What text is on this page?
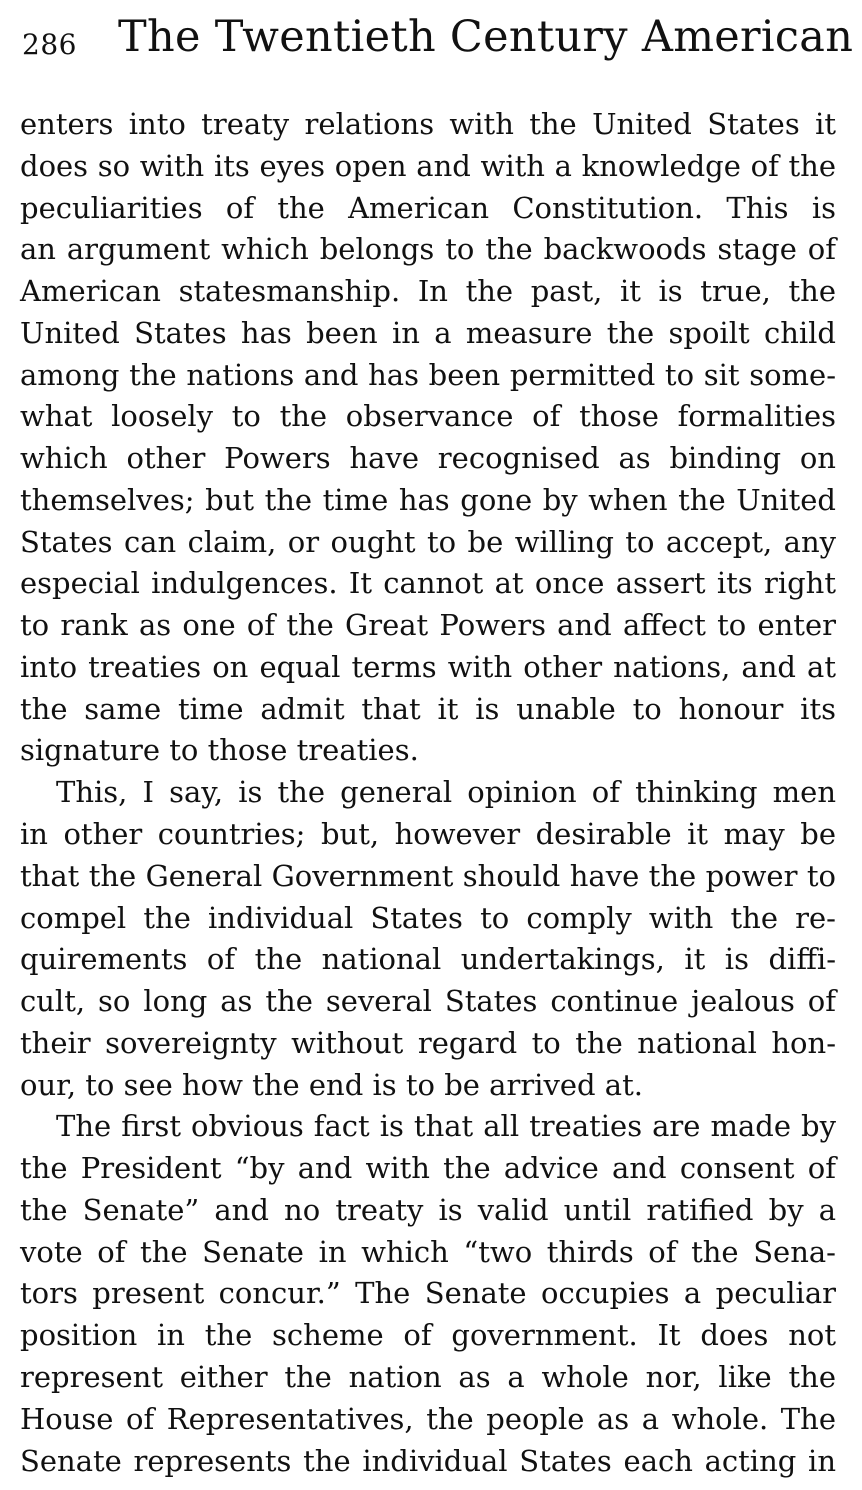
286 The Twentieth Century American
enters into treaty relations with the United States it
does so with its eyes open and with a knowledge of the
peculiarities of the American Constitution. This is
an argument which belongs to the backwoods stage of
American statesmanship. In the past, it is true, the
United States has been in a measure the spoilt child
among the nations and has been permitted to sit some-
what loosely to the observance of those formalities
which other Powers have recognised as binding on
themselves; but the time has gone by when the United
States can claim, or ought to be willing to accept, any
especial indulgences. It cannot at once assert its right
to rank as one of the Great Powers and affect to enter
into treaties on equal terms with other nations, and at
the same time admit that it is unable to honour its
signature to those treaties.
This, I say, is the general opinion of thinking men
in other countries; but, however desirable it may be
that the General Government should have the power to
compel the individual States to comply with the re-
quirements of the national undertakings, it is diffi-
cult, so long as the several States continue jealous of
their sovereignty without regard to the national hon-
our, to see how the end is to be arrived at.
The first obvious fact is that all treaties are made by
the President “by and with the advice and consent of
the Senate” and no treaty is valid until ratified by a
vote of the Senate in which “two thirds of the Sena-
tors present concur.” The Senate occupies a peculiar
position in the scheme of government. It does not
represent either the nation as a whole nor, like the
House of Representatives, the people as a whole. The
Senate represents the individual States each acting in
